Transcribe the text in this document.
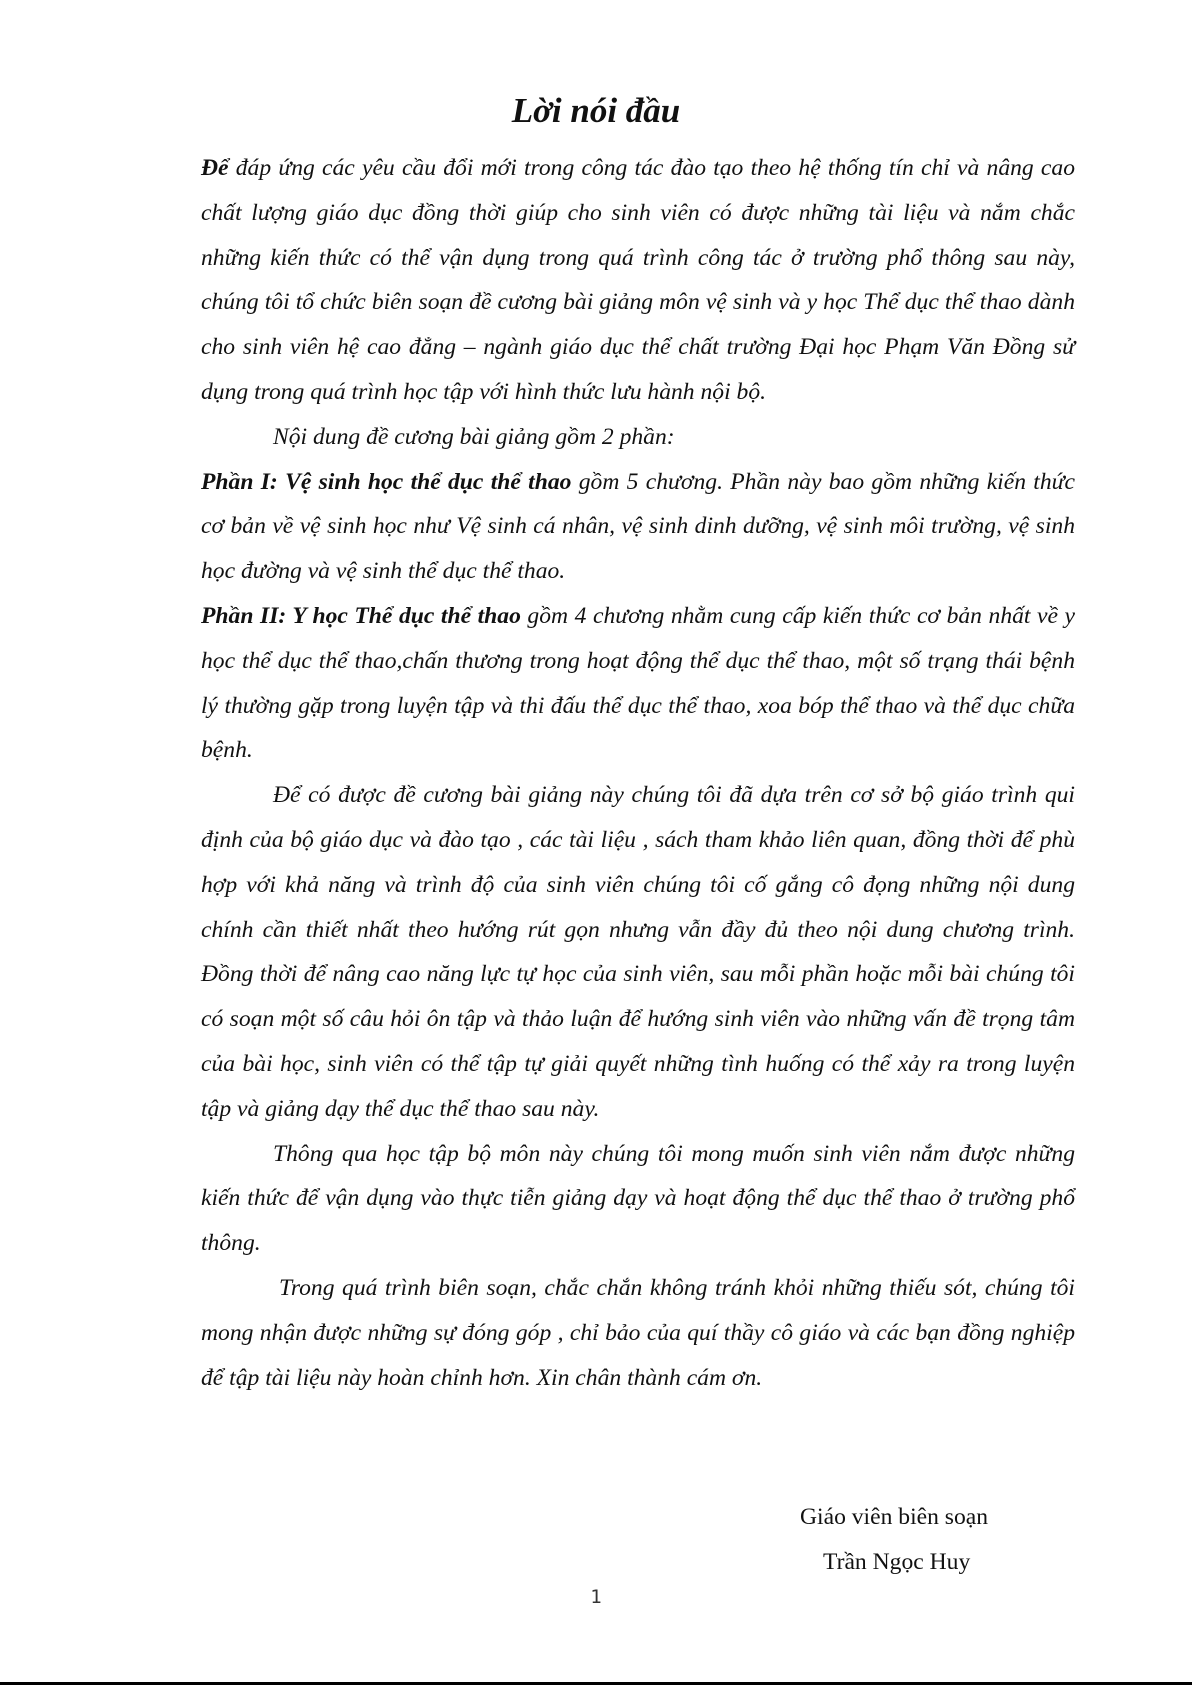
Lời nói đầu

Để đáp ứng các yêu cầu đổi mới trong công tác đào tạo theo hệ thống tín chỉ và nâng cao chất lượng giáo dục đồng thời giúp cho sinh viên có được những tài liệu và nắm chắc những kiến thức có thể vận dụng trong quá trình công tác ở trường phổ thông sau này, chúng tôi tổ chức biên soạn đề cương bài giảng môn vệ sinh và y học Thể dục thể thao dành cho sinh viên hệ cao đẳng – ngành giáo dục thể chất trường Đại học Phạm Văn Đồng sử dụng trong quá trình học tập với hình thức lưu hành nội bộ.

Nội dung đề cương bài giảng gồm 2 phần:

Phần I: Vệ sinh học thể dục thể thao gồm 5 chương. Phần này bao gồm những kiến thức cơ bản về vệ sinh học như Vệ sinh cá nhân, vệ sinh dinh dưỡng, vệ sinh môi trường, vệ sinh học đường và vệ sinh thể dục thể thao.

Phần II: Y học Thể dục thể thao gồm 4 chương nhằm cung cấp kiến thức cơ bản nhất về y học thể dục thể thao,chấn thương trong hoạt động thể dục thể thao, một số trạng thái bệnh lý thường gặp trong luyện tập và thi đấu thể dục thể thao, xoa bóp thể thao và thể dục chữa bệnh.

Để có được đề cương bài giảng này chúng tôi đã dựa trên cơ sở bộ giáo trình qui định của bộ giáo dục và đào tạo , các tài liệu , sách tham khảo liên quan, đồng thời để phù hợp với khả năng và trình độ của sinh viên chúng tôi cố gắng cô đọng những nội dung chính cần thiết nhất theo hướng rút gọn nhưng vẫn đầy đủ theo nội dung chương trình. Đồng thời để nâng cao năng lực tự học của sinh viên, sau mỗi phần hoặc mỗi bài chúng tôi có soạn một số câu hỏi ôn tập và thảo luận để hướng sinh viên vào những vấn đề trọng tâm của bài học, sinh viên có thể tập tự giải quyết những tình huống có thể xảy ra trong luyện tập và giảng dạy thể dục thể thao sau này.

Thông qua học tập bộ môn này chúng tôi mong muốn sinh viên nắm được những kiến thức để vận dụng vào thực tiễn giảng dạy và hoạt động thể dục thể thao ở trường phổ thông.

Trong quá trình biên soạn, chắc chắn không tránh khỏi những thiếu sót, chúng tôi mong nhận được những sự đóng góp , chỉ bảo của quí thầy cô giáo và các bạn đồng nghiệp để tập tài liệu này hoàn chỉnh hơn. Xin chân thành cám ơn.

Giáo viên biên soạn

Trần Ngọc Huy

1
